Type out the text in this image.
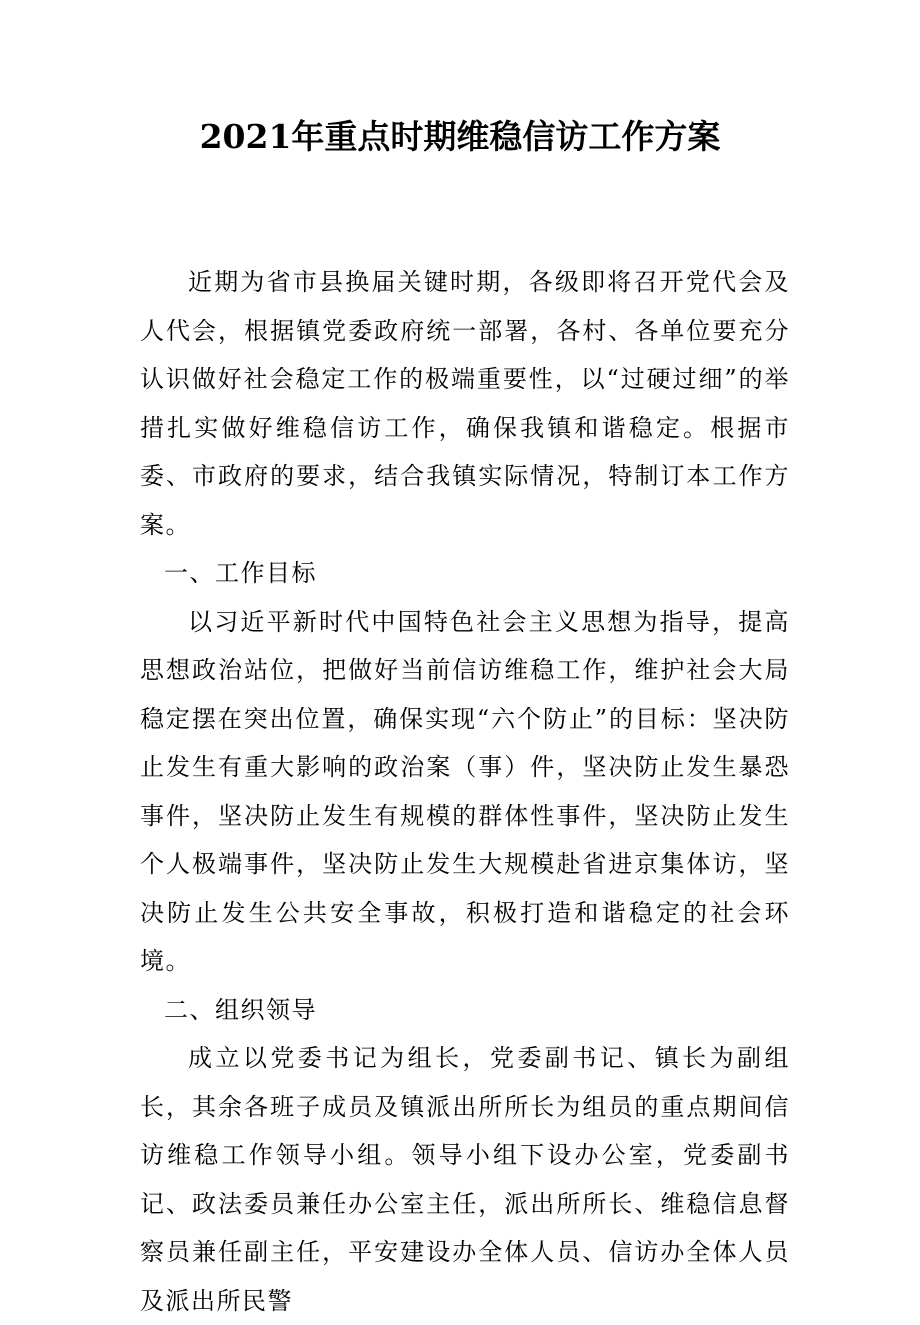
2021年重点时期维稳信访工作方案

近期为省市县换届关键时期，各级即将召开党代会及人代会，根据镇党委政府统一部署，各村、各单位要充分认识做好社会稳定工作的极端重要性，以“过硬过细”的举措扎实做好维稳信访工作，确保我镇和谐稳定。根据市委、市政府的要求，结合我镇实际情况，特制订本工作方案。

一、工作目标

以习近平新时代中国特色社会主义思想为指导，提高思想政治站位，把做好当前信访维稳工作，维护社会大局稳定摆在突出位置，确保实现“六个防止”的目标：坚决防止发生有重大影响的政治案（事）件，坚决防止发生暴恐事件，坚决防止发生有规模的群体性事件，坚决防止发生个人极端事件，坚决防止发生大规模赴省进京集体访，坚决防止发生公共安全事故，积极打造和谐稳定的社会环境。

二、组织领导

成立以党委书记为组长，党委副书记、镇长为副组长，其余各班子成员及镇派出所所长为组员的重点期间信访维稳工作领导小组。领导小组下设办公室，党委副书记、政法委员兼任办公室主任，派出所所长、维稳信息督察员兼任副主任，平安建设办全体人员、信访办全体人员及派出所民警
